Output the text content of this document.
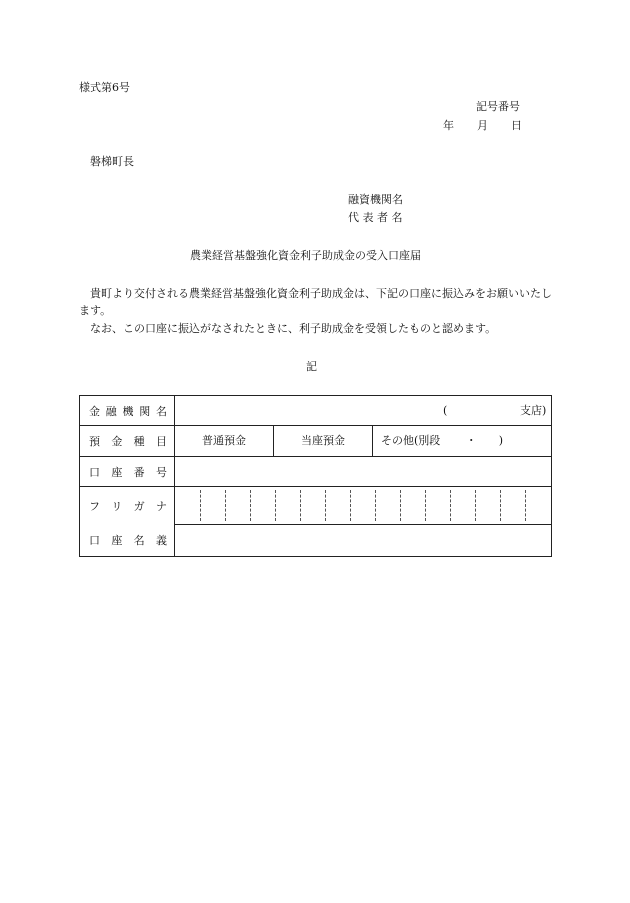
様式第6号
記号番号
年 月 日
磐梯町長
融資機関名
代 表 者 名
農業経営基盤強化資金利子助成金の受入口座届
　貴町より交付される農業経営基盤強化資金利子助成金は、下記の口座に振込みをお願いいたします。
　なお、この口座に振込がなされたときに、利子助成金を受領したものと認めます。
記
金 融 機 関 名	( 支店)

預 金 種 目	普通預金 当座預金 その他(別段　　 ・　　)

口 座 番 号	

フ リ ガ ナ	

口 座 名 義	
